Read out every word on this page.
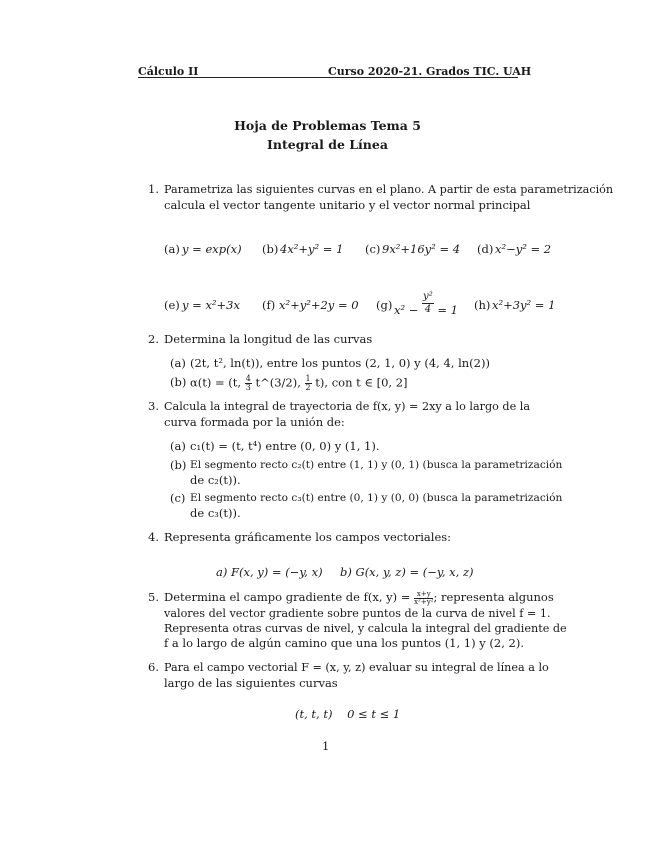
Cálculo II	Curso 2020-21. Grados TIC. UAH
Hoja de Problemas Tema 5
Integral de Línea
1. Parametriza las siguientes curvas en el plano. A partir de esta parametrización
calcula el vector tangente unitario y el vector normal principal
(a) y = exp(x) (b) 4x²+y² = 1 (c) 9x²+16y² = 4 (d) x²−y² = 2
(e) y = x²+3x (f) x²+y²+2y = 0 (g) $x^2 - \frac{\text{y²}}{4} = 1$ (h) x²+3y² = 1
2. Determina la longitud de las curvas
(a) (2t, t², ln(t)), entre los puntos (2, 1, 0) y (4, 4, ln(2))
(b) α(t) = (t, $\frac{4}{3}$ t^(3/2), $\frac{1}{2} t$), con t ∈ [0, 2]
3. Calcula la integral de trayectoria de f(x, y) = 2xy a lo largo de la
curva formada por la unión de:
(a) c₁(t) = (t, t⁴) entre (0, 0) y (1, 1).
(b) El segmento recto c₂(t) entre (1, 1) y (0, 1) (busca la parametrización
de c₂(t)).
(c) El segmento recto c₃(t) entre (0, 1) y (0, 0) (busca la parametrización
de c₃(t)).
4. Representa gráficamente los campos vectoriales:
a) F(x, y) = (−y, x) b) G(x, y, z) = (−y, x, z)
5. Determina el campo gradiente de f(x, $y) = \frac{x+y}{\text{x²+y²}}$ ; representa algunos
valores del vector gradiente sobre puntos de la curva de nivel f = 1.
Representa otras curvas de nivel, y calcula la integral del gradiente de
f a lo largo de algún camino que una los puntos (1, 1) y (2, 2).
6. Para el campo vectorial F = (x, y, z) evaluar su integral de línea a lo
largo de las siguientes curvas
(t, t, t)    0 ≤ t ≤ 1
1
